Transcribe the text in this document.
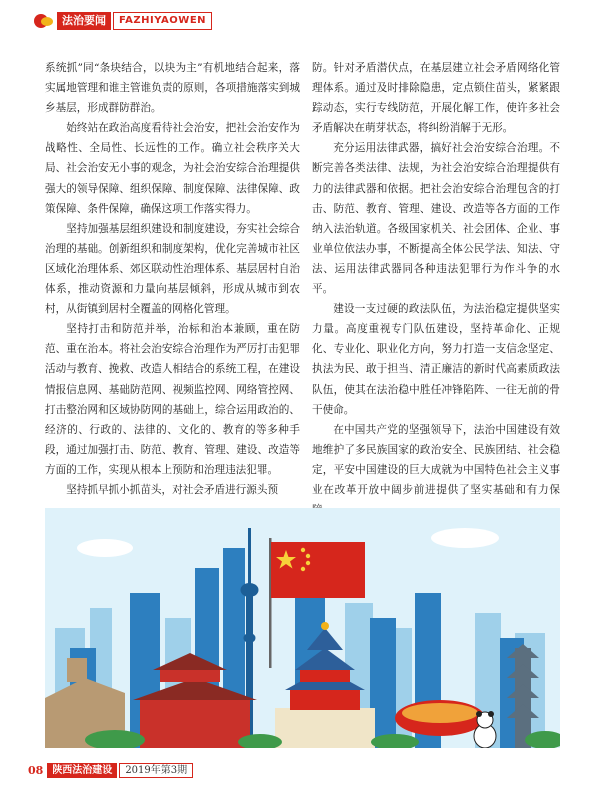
法治要闻	FAZHIYAOWEN

系统抓”同“条块结合，以块为主”有机地结合起来，落实属地管理和谁主管谁负责的原则，各项措施落实到城乡基层，形成群防群治。

始终站在政治高度看待社会治安，把社会治安作为战略性、全局性、长远性的工作。确立社会秩序关大局、社会治安无小事的观念，为社会治安综合治理提供强大的领导保障、组织保障、制度保障、法律保障、政策保障、条件保障，确保这项工作落实得力。

坚持加强基层组织建设和制度建设，夯实社会综合治理的基础。创新组织和制度架构，优化完善城市社区区域化治理体系、郊区联动性治理体系、基层居村自治体系，推动资源和力量向基层倾斜，形成从城市到农村，从街镇到居村全覆盖的网格化管理。

坚持打击和防范并举，治标和治本兼顾，重在防范、重在治本。将社会治安综合治理作为严厉打击犯罪活动与教育、挽救、改造人相结合的系统工程，在建设情报信息网、基础防范网、视频监控网、网络管控网、打击整治网和区域协防网的基础上，综合运用政治的、经济的、行政的、法律的、文化的、教育的等多种手段，通过加强打击、防范、教育、管理、建设、改造等方面的工作，实现从根本上预防和治理违法犯罪。

坚持抓早抓小抓苗头，对社会矛盾进行源头预

防。针对矛盾潜伏点，在基层建立社会矛盾网络化管理体系。通过及时排除隐患，定点锁住苗头，紧紧跟踪动态，实行专线防范，开展化解工作，使许多社会矛盾解决在萌芽状态，将纠纷消解于无形。

充分运用法律武器，搞好社会治安综合治理。不断完善各类法律、法规，为社会治安综合治理提供有力的法律武器和依据。把社会治安综合治理包含的打击、防范、教育、管理、建设、改造等各方面的工作纳入法治轨道。各级国家机关、社会团体、企业、事业单位依法办事，不断提高全体公民学法、知法、守法、运用法律武器同各种违法犯罪行为作斗争的水平。

建设一支过硬的政法队伍，为法治稳定提供坚实力量。高度重视专门队伍建设，坚持革命化、正规化、专业化、职业化方向，努力打造一支信念坚定、执法为民、敢于担当、清正廉洁的新时代高素质政法队伍，使其在法治稳中胜任冲锋陷阵、一往无前的骨干使命。

在中国共产党的坚强领导下，法治中国建设有效地维护了多民族国家的政治安全、民族团结、社会稳定，平安中国建设的巨大成就为中国特色社会主义事业在改革开放中阔步前进提供了坚实基础和有力保

08 陕西法治建设	2019年第3期
